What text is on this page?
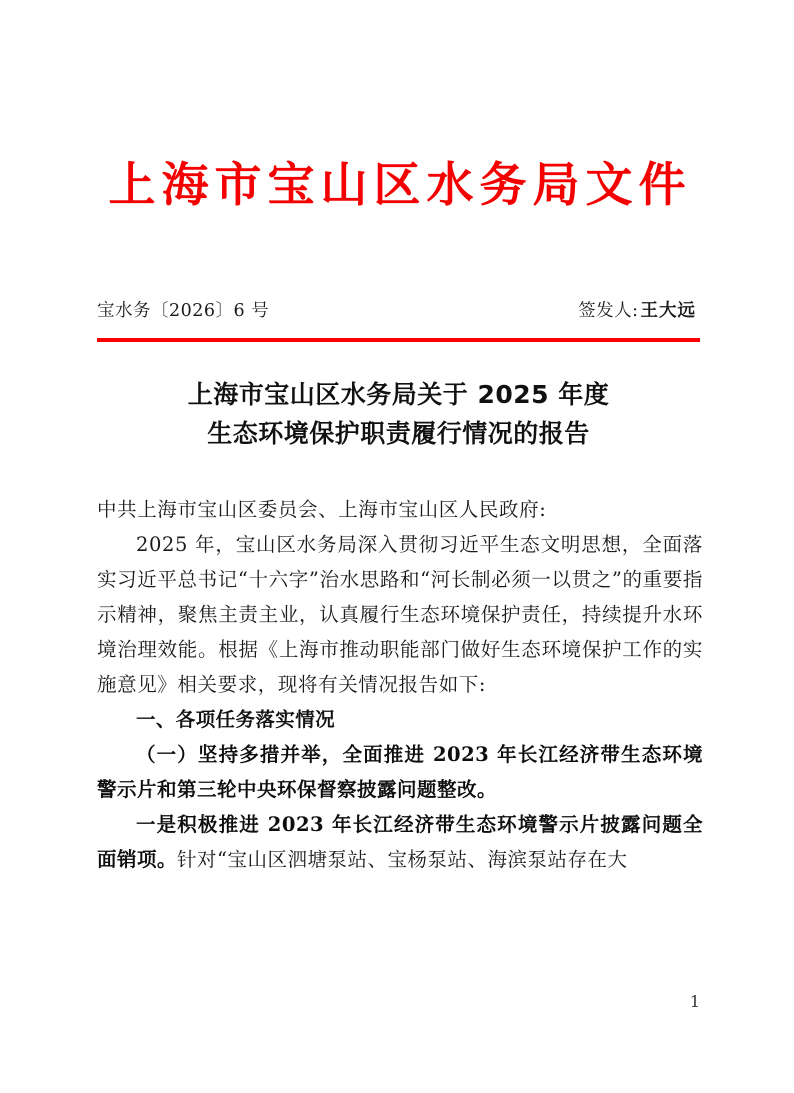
上海市宝山区水务局文件
宝水务〔2026〕6 号	签发人: 王大远
上海市宝山区水务局关于 2025 年度
生态环境保护职责履行情况的报告

中共上海市宝山区委员会、上海市宝山区人民政府:

2025 年，宝山区水务局深入贯彻习近平生态文明思想，全面落实习近平总书记“十六字”治水思路和“河长制必须一以贯之”的重要指示精神，聚焦主责主业，认真履行生态环境保护责任，持续提升水环境治理效能。根据《上海市推动职能部门做好生态环境保护工作的实施意见》相关要求，现将有关情况报告如下:

一、各项任务落实情况

（一）坚持多措并举，全面推进 2023 年长江经济带生态环境警示片和第三轮中央环保督察披露问题整改。

一是积极推进 2023 年长江经济带生态环境警示片披露问题全面销项。针对“宝山区泗塘泵站、宝杨泵站、海滨泵站存在大

1
